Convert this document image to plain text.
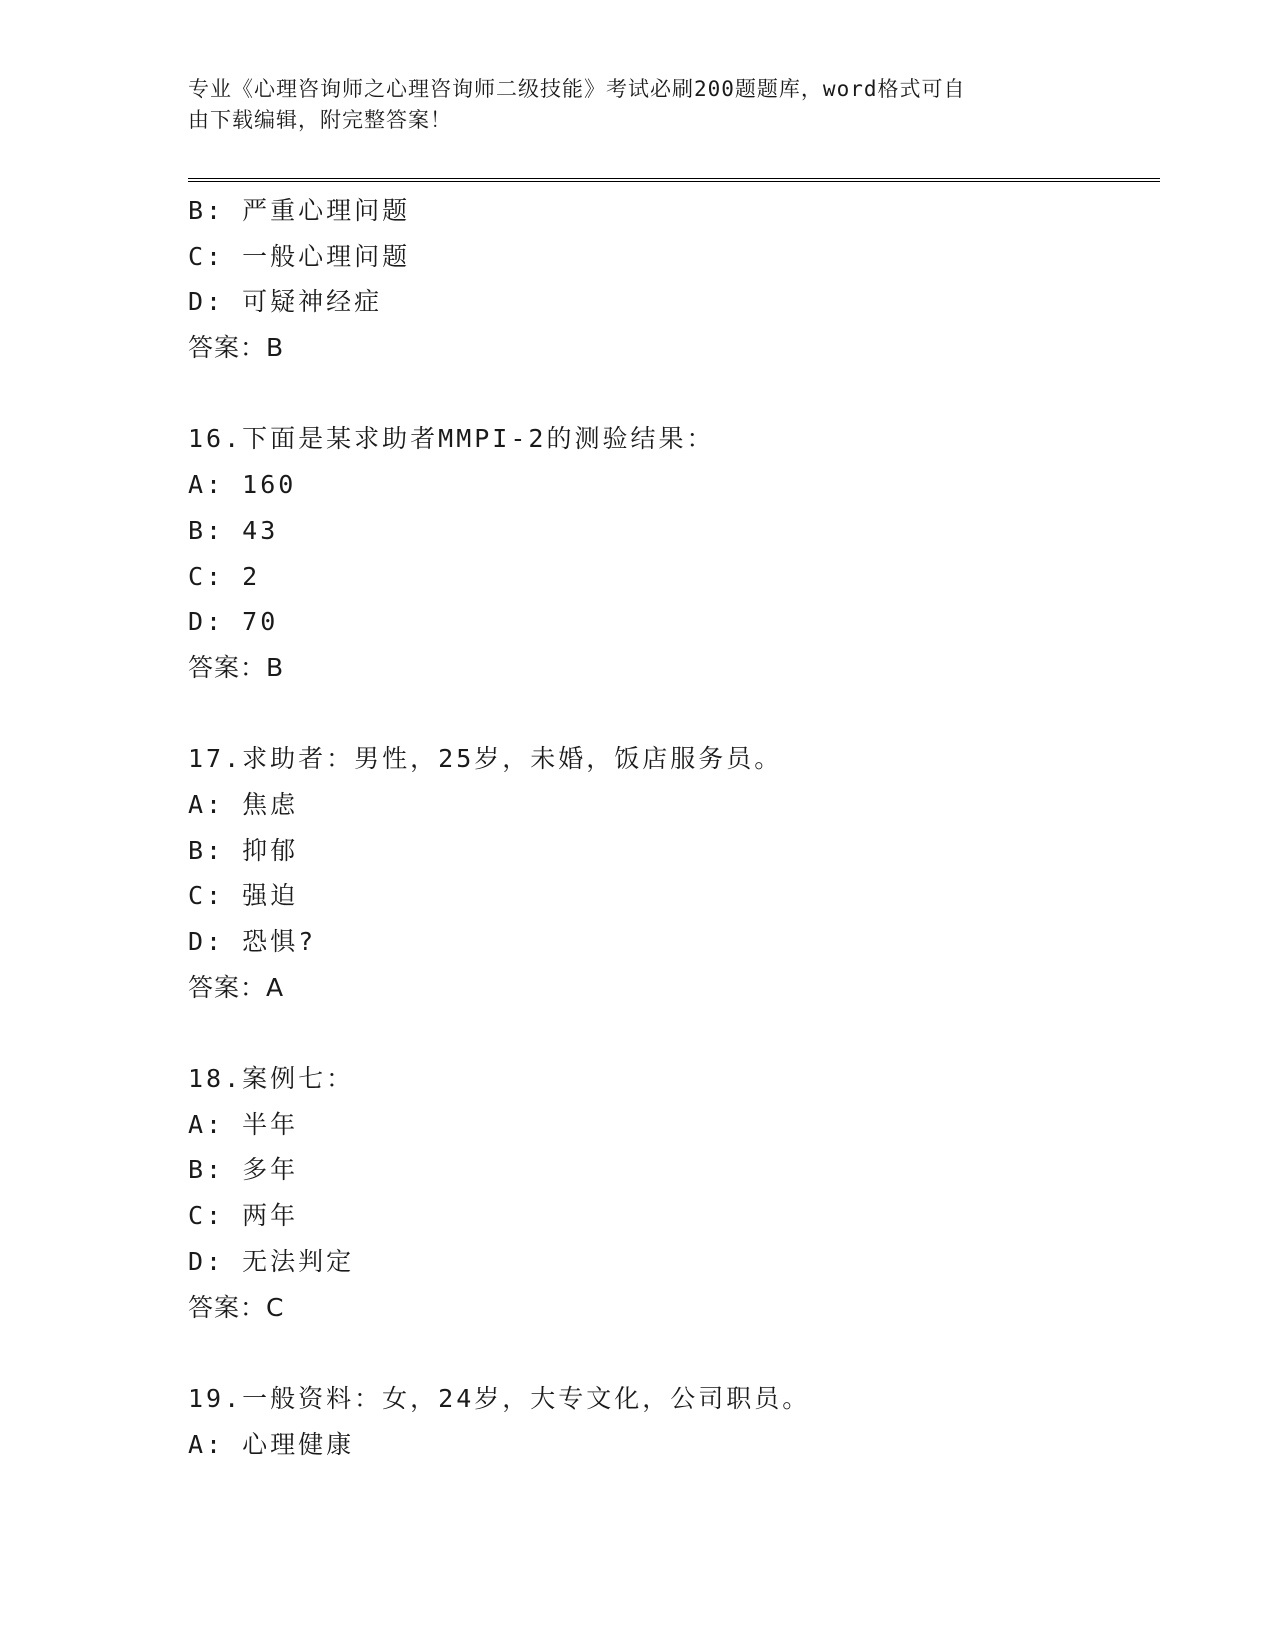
专业《心理咨询师之心理咨询师二级技能》考试必刷200题题库，word格式可自
由下载编辑，附完整答案！
B: 严重心理问题
C: 一般心理问题
D: 可疑神经症
答案：B
16.下面是某求助者MMPI-2的测验结果：
A: 160
B: 43
C: 2
D: 70
答案：B
17.求助者：男性，25岁，未婚，饭店服务员。
A: 焦虑
B: 抑郁
C: 强迫
D: 恐惧?
答案：A
18.案例七：
A: 半年
B: 多年
C: 两年
D: 无法判定
答案：C
19.一般资料：女，24岁，大专文化，公司职员。
A: 心理健康
